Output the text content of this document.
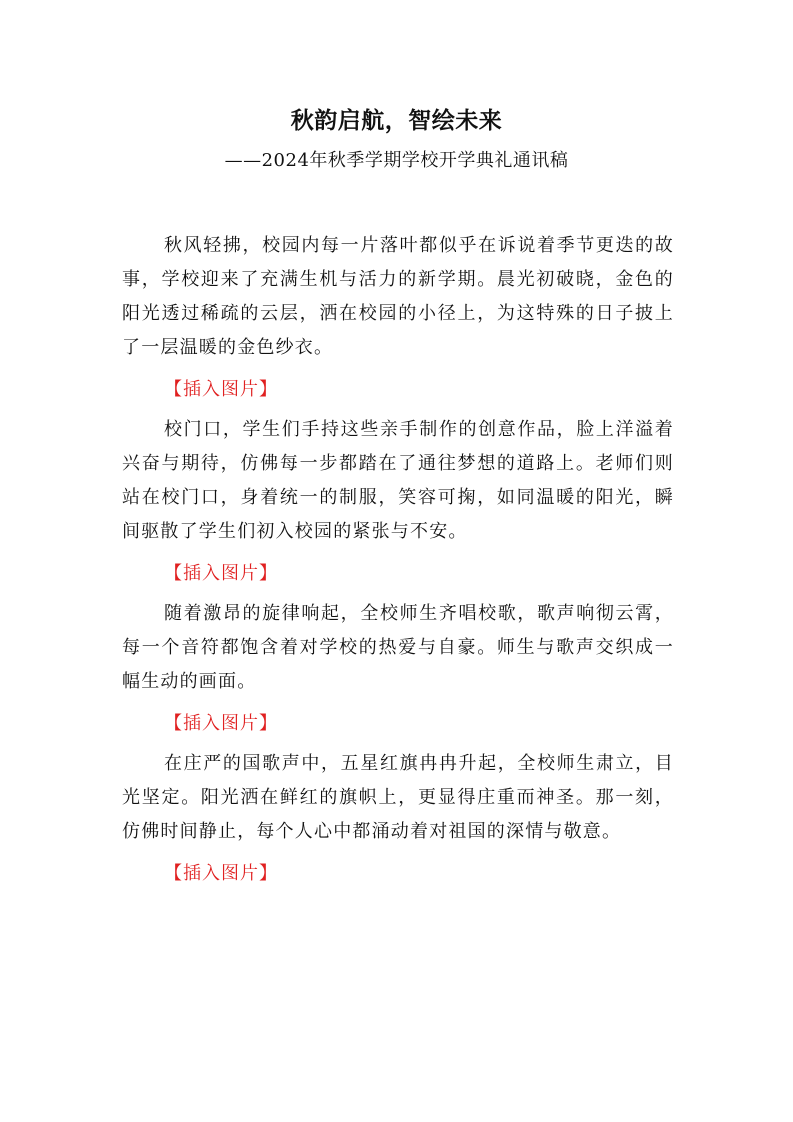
秋韵启航，智绘未来
——2024年秋季学期学校开学典礼通讯稿

秋风轻拂，校园内每一片落叶都似乎在诉说着季节更迭的故事，学校迎来了充满生机与活力的新学期。晨光初破晓，金色的阳光透过稀疏的云层，洒在校园的小径上，为这特殊的日子披上了一层温暖的金色纱衣。

【插入图片】

校门口，学生们手持这些亲手制作的创意作品，脸上洋溢着兴奋与期待，仿佛每一步都踏在了通往梦想的道路上。老师们则站在校门口，身着统一的制服，笑容可掬，如同温暖的阳光，瞬间驱散了学生们初入校园的紧张与不安。

【插入图片】

随着激昂的旋律响起，全校师生齐唱校歌，歌声响彻云霄，每一个音符都饱含着对学校的热爱与自豪。师生与歌声交织成一幅生动的画面。

【插入图片】

在庄严的国歌声中，五星红旗冉冉升起，全校师生肃立，目光坚定。阳光洒在鲜红的旗帜上，更显得庄重而神圣。那一刻，仿佛时间静止，每个人心中都涌动着对祖国的深情与敬意。

【插入图片】
